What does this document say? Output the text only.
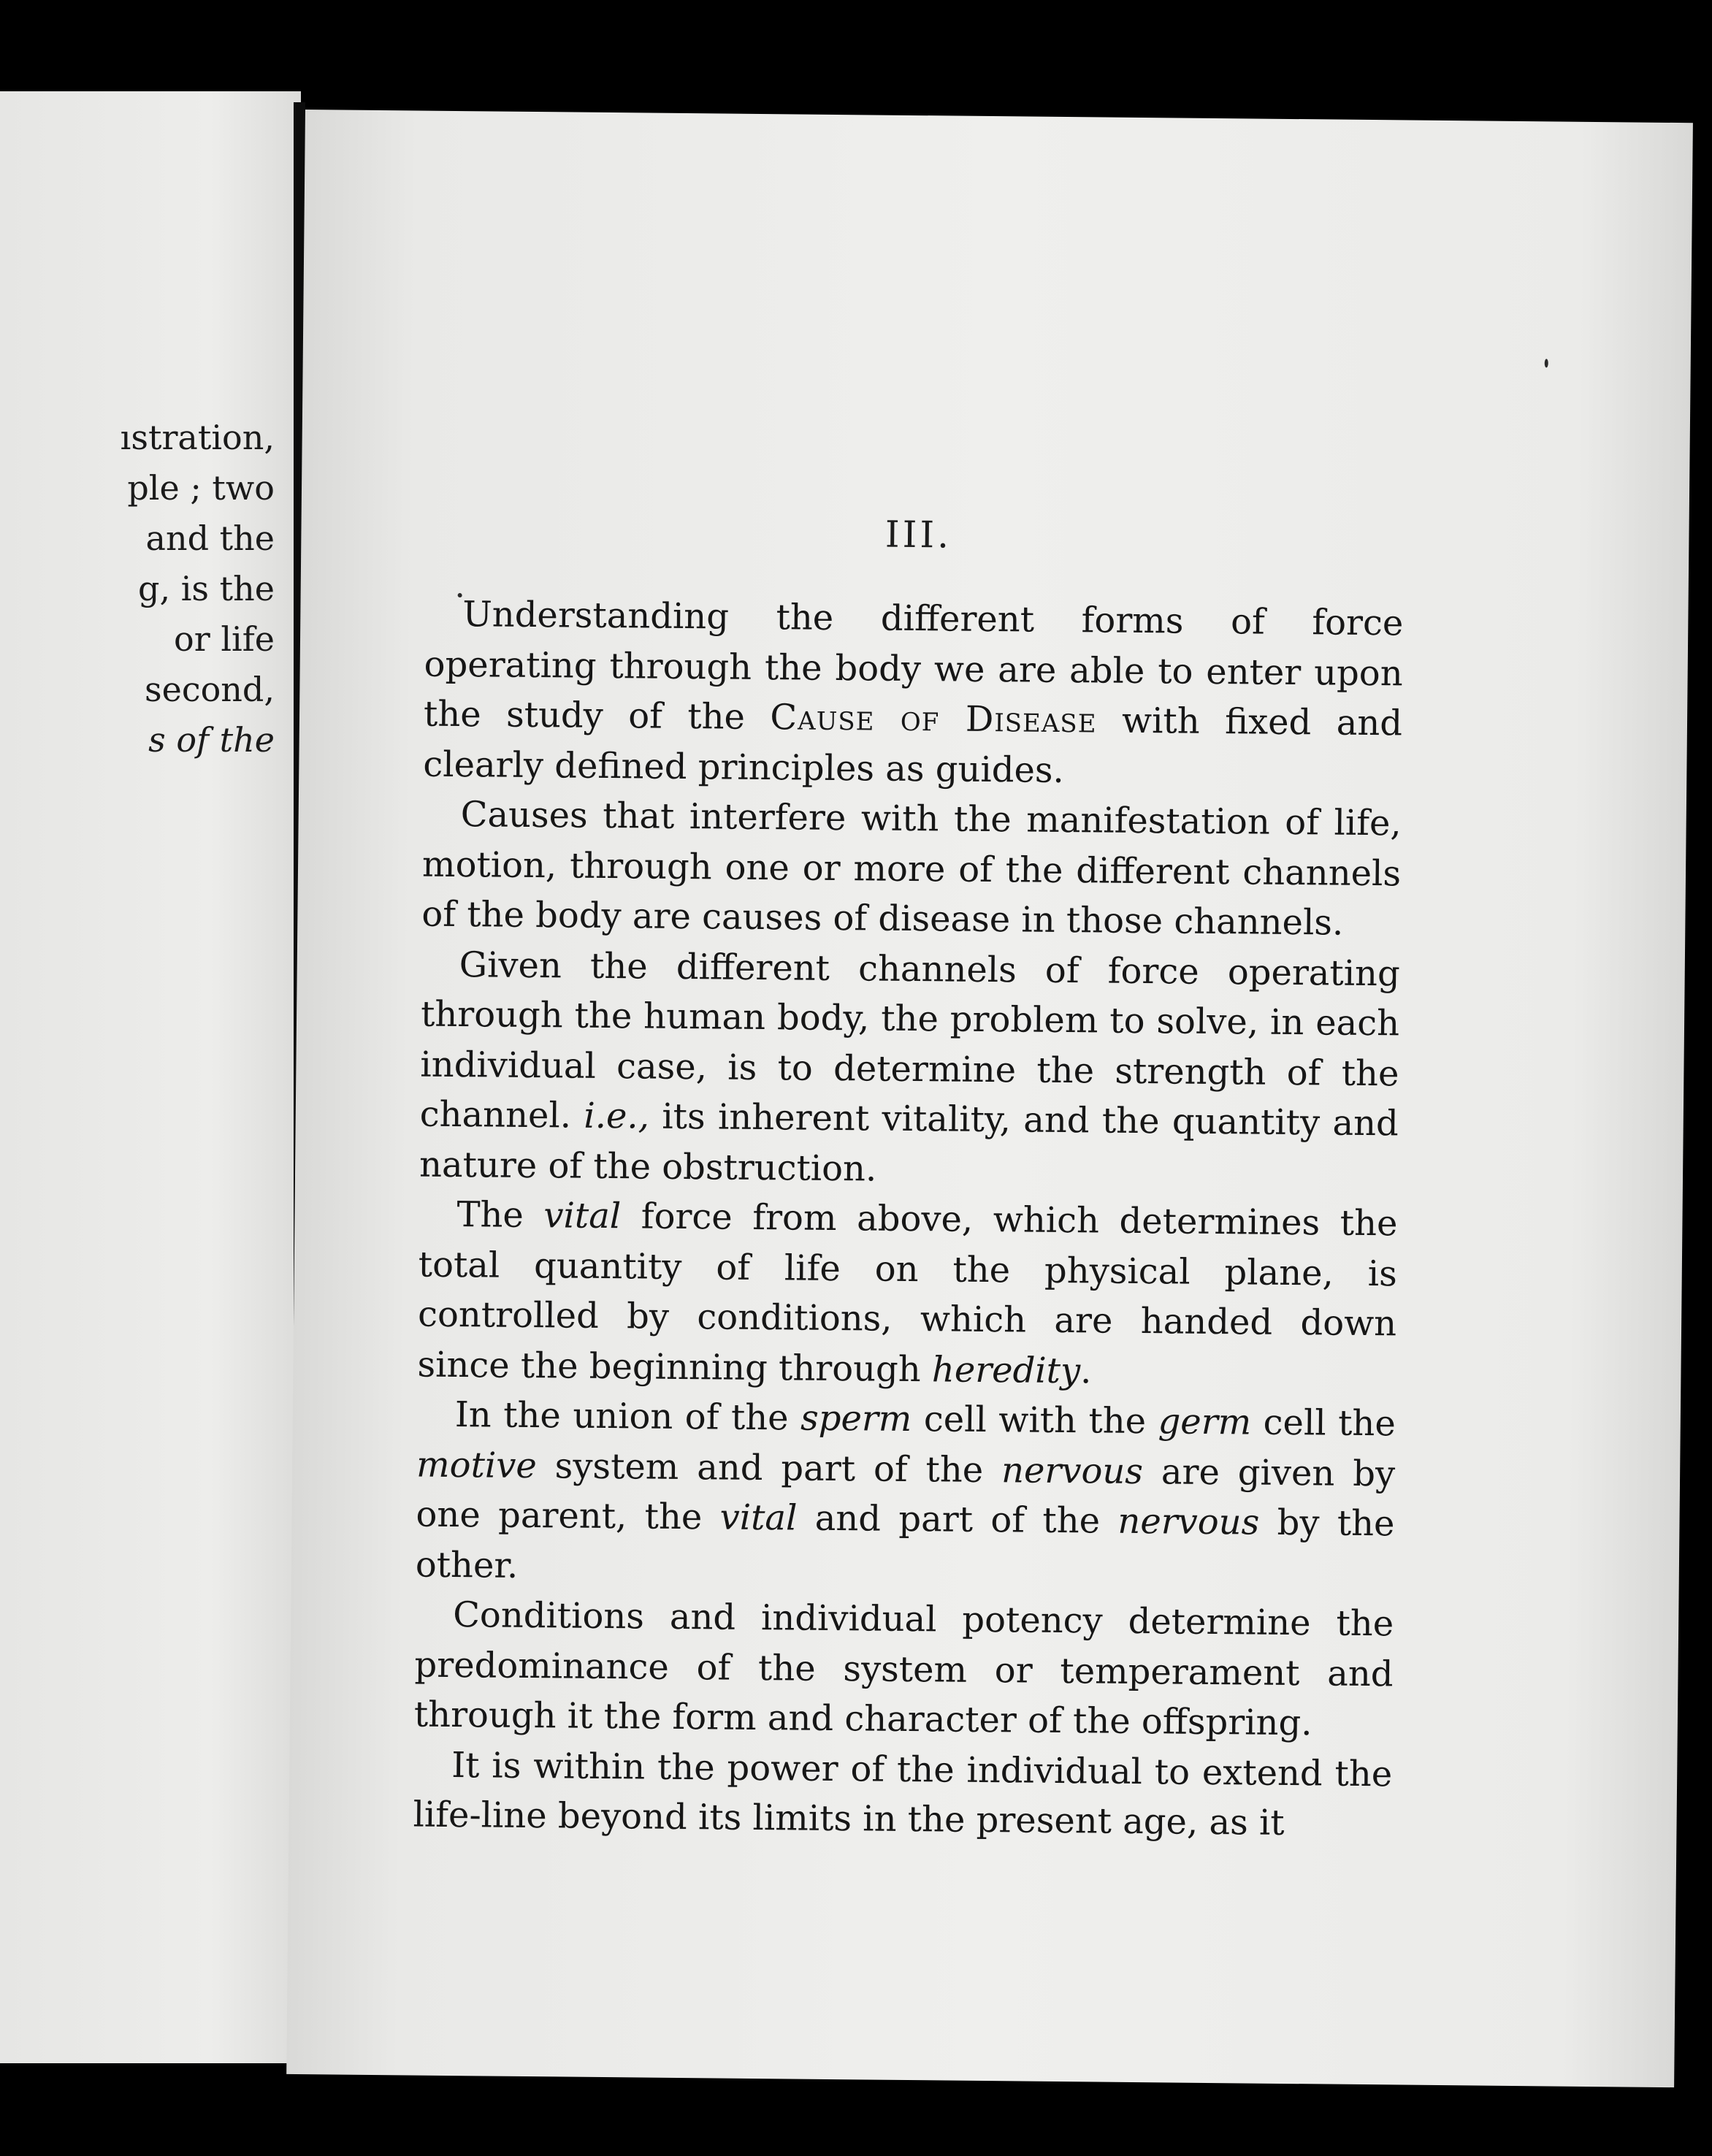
ıstration,
ple ; two
and the
g, is the
or life
second,
s of the
III.

Understanding the different forms of force operating through the body we are able to enter upon the study of the Cause of Disease with fixed and clearly defined principles as guides.

Causes that interfere with the manifestation of life, motion, through one or more of the different channels of the body are causes of disease in those channels.

Given the different channels of force operating through the human body, the problem to solve, in each individual case, is to determine the strength of the channel. i.e., its inherent vitality, and the quantity and nature of the obstruction.

The vital force from above, which determines the total quantity of life on the physical plane, is controlled by conditions, which are handed down since the beginning through heredity.

In the union of the sperm cell with the germ cell the motive system and part of the nervous are given by one parent, the vital and part of the nervous by the other.

Conditions and individual potency determine the predominance of the system or temperament and through it the form and character of the offspring.

It is within the power of the individual to extend the life-line beyond its limits in the present age, as it
